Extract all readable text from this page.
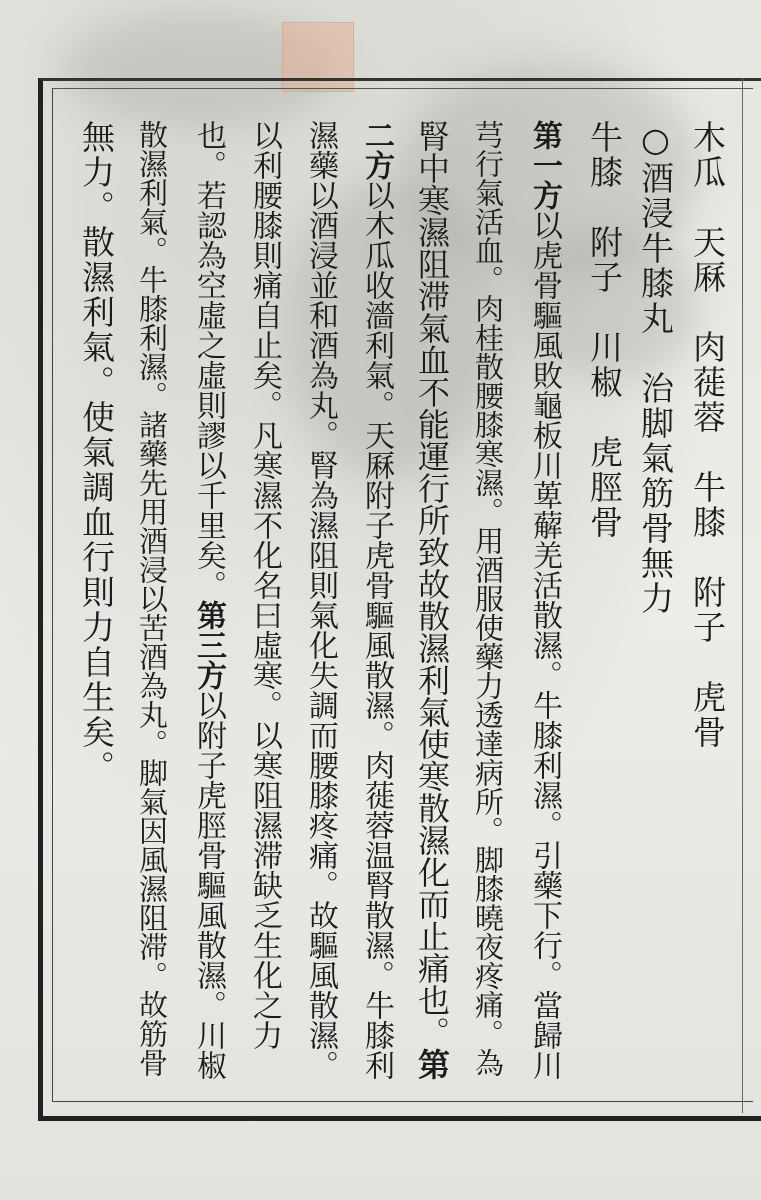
木瓜　天厤　肉蓰蓉　牛膝　附子　虎骨
○酒浸牛膝丸　治脚氣筋骨無力
牛膝　附子　川椒　虎脛骨
第一方以虎骨驅風敗龜板川萆薢羌活散濕。牛膝利濕。引藥下行。當歸川
芎行氣活血。肉桂散腰膝寒濕。用酒服使藥力透達病所。脚膝曉夜疼痛。為
腎中寒濕阻滞氣血不能運行所致故散濕利氣使寒散濕化而止痛也。第
二方以木瓜收濇利氣。天厤附子虎骨驅風散濕。肉蓰蓉温腎散濕。牛膝利
濕藥以酒浸並和酒為丸。腎為濕阻則氣化失調而腰膝疼痛。故驅風散濕。
以利腰膝則痛自止矣。凡寒濕不化名曰虛寒。以寒阻濕滞缺乏生化之力
也。若認為空虛之虛則謬以千里矣。第三方以附子虎脛骨驅風散濕。川椒
散濕利氣。牛膝利濕。諸藥先用酒浸以苦酒為丸。脚氣因風濕阻滞。故筋骨
無力。散濕利氣。使氣調血行則力自生矣。
